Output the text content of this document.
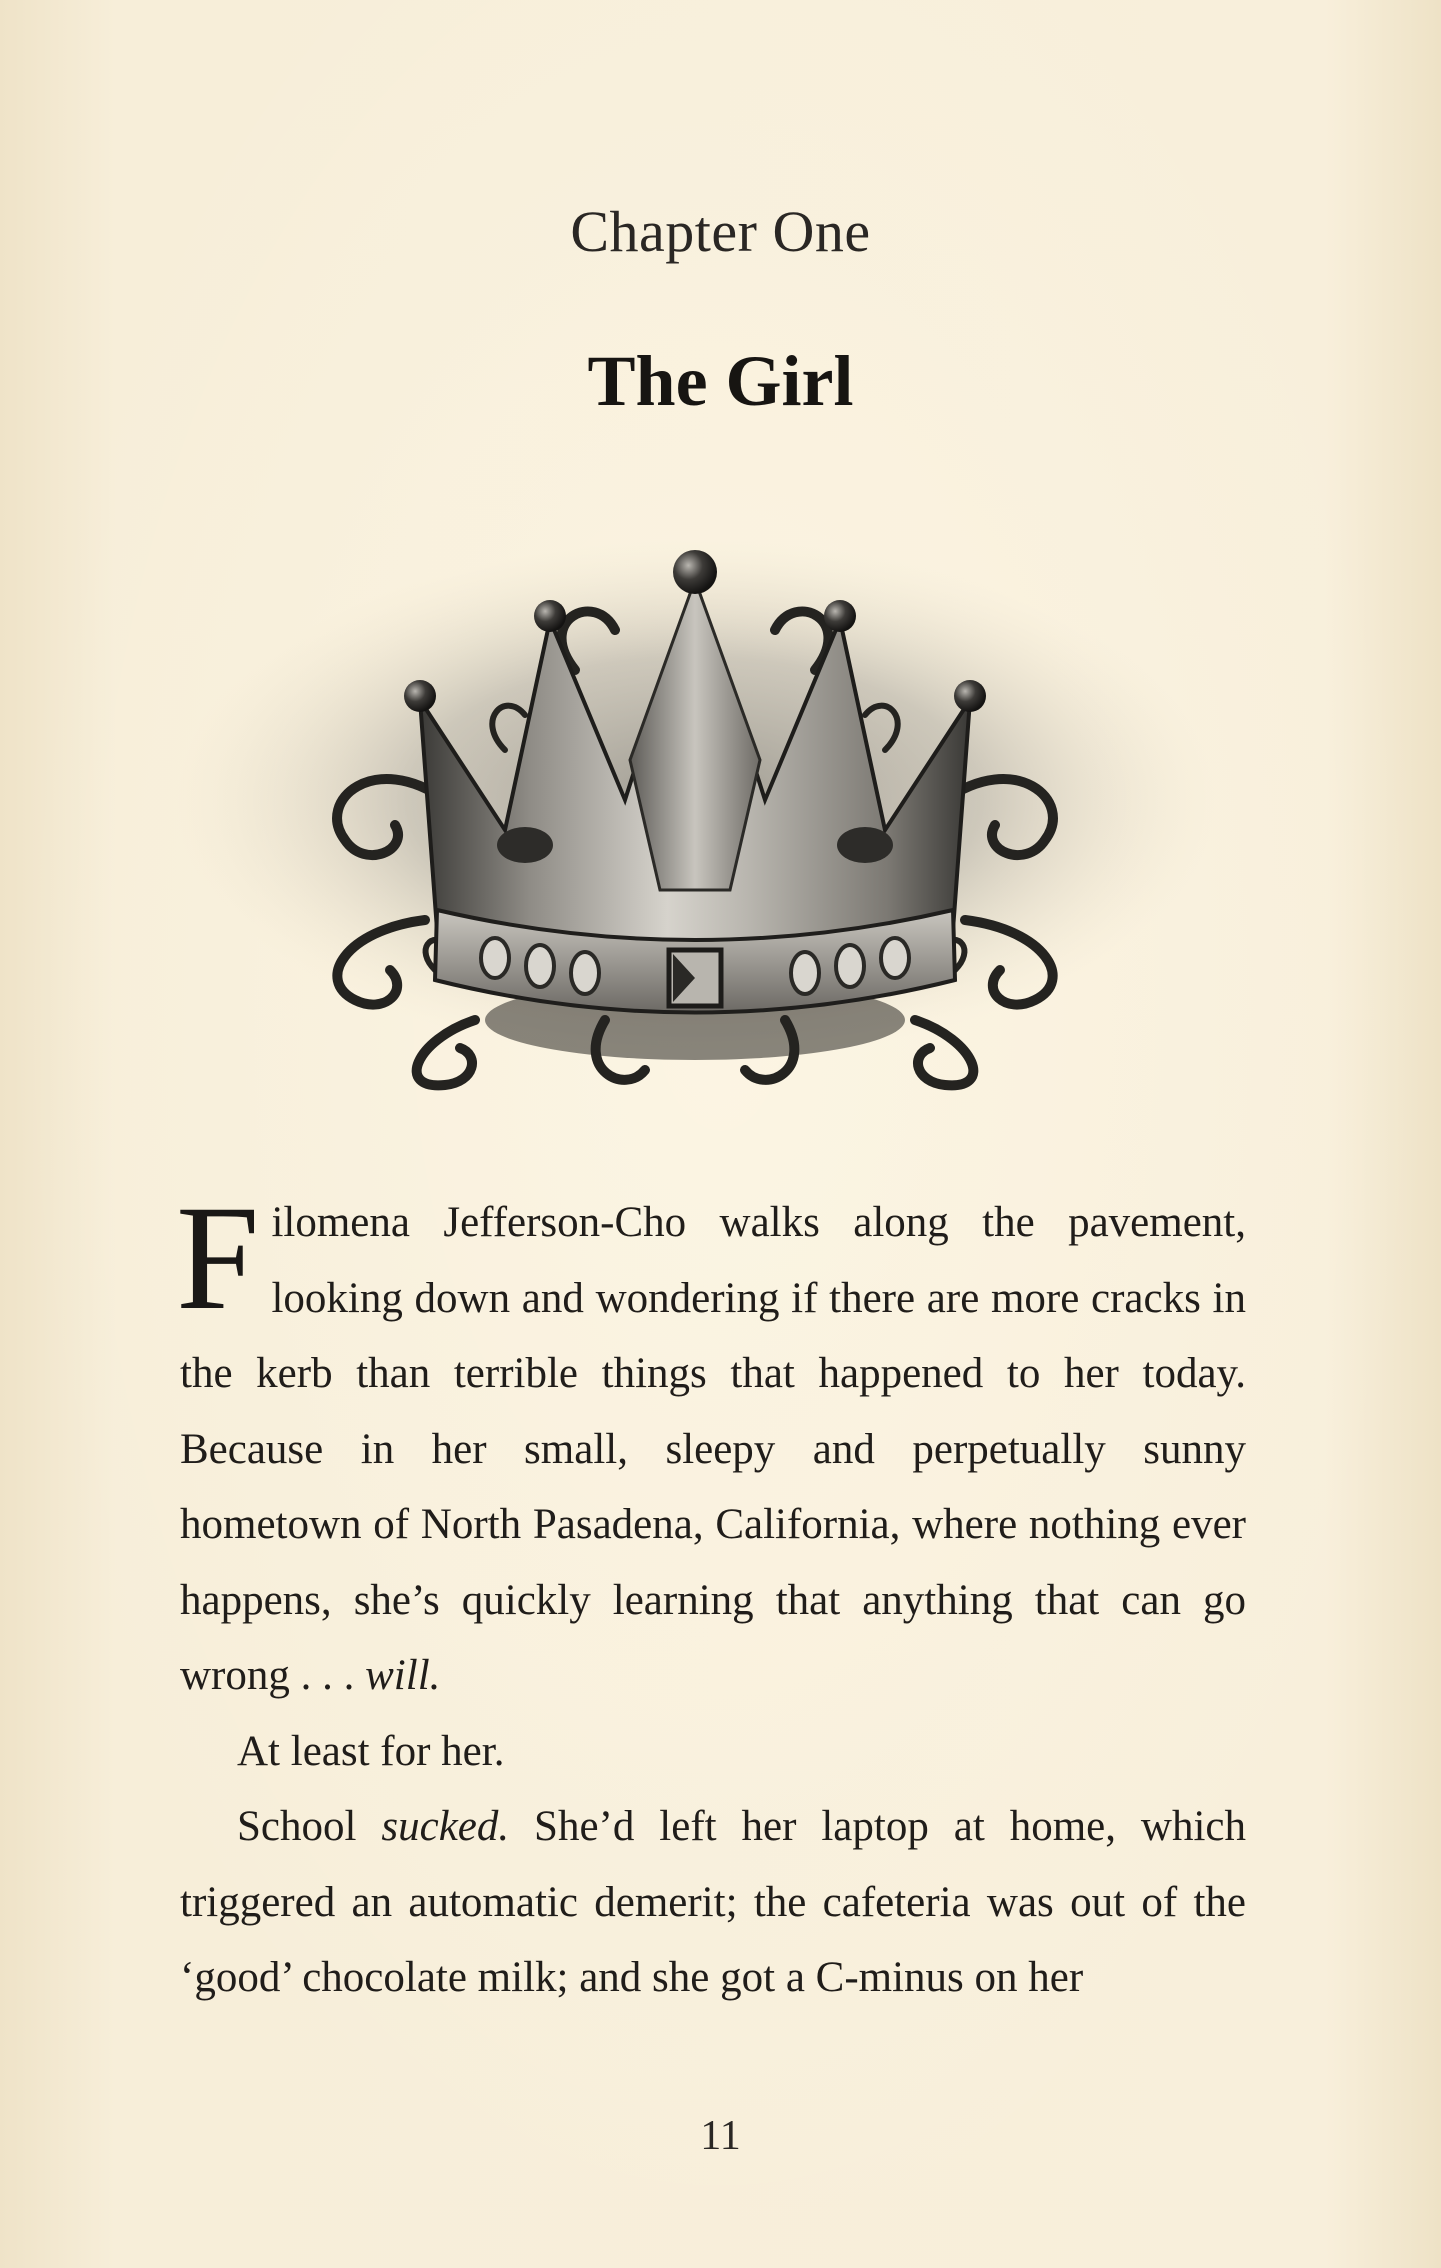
Chapter One
The Girl

Filomena Jefferson-Cho walks along the pavement, looking down and wondering if there are more cracks in the kerb than terrible things that happened to her today. Because in her small, sleepy and perpetually sunny hometown of North Pasadena, California, where nothing ever happens, she’s quickly learning that anything that can go wrong . . . will.

At least for her.

School sucked. She’d left her laptop at home, which triggered an automatic demerit; the cafeteria was out of the ‘good’ chocolate milk; and she got a C-minus on her

11
